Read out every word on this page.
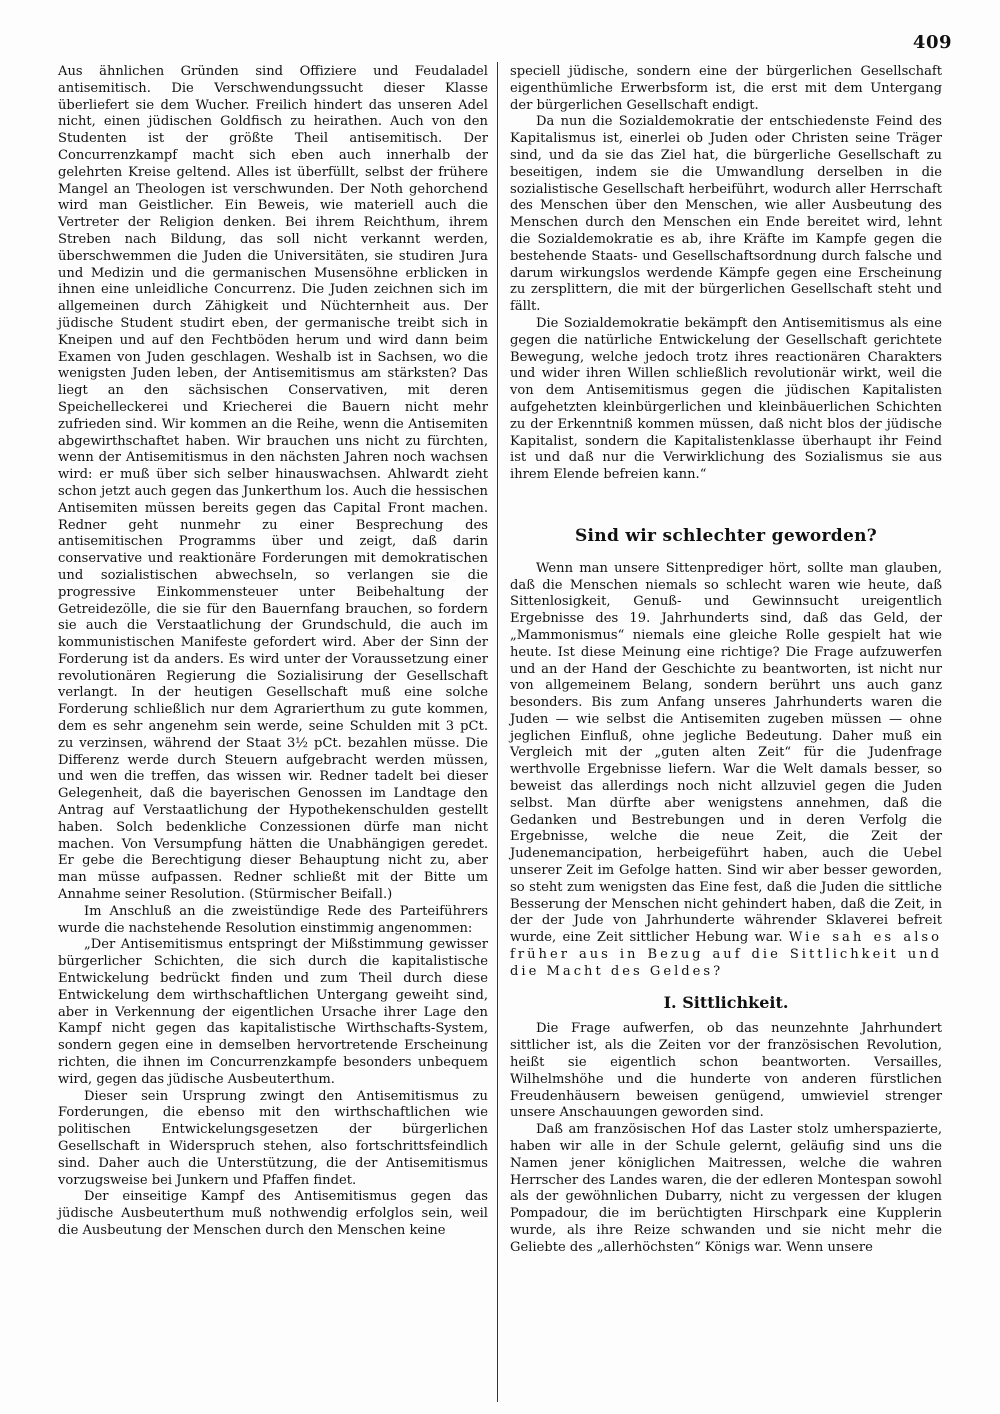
409

Aus ähnlichen Gründen sind Offiziere und Feudaladel antisemitisch. Die Verschwendungssucht dieser Klasse überliefert sie dem Wucher. Freilich hindert das unseren Adel nicht, einen jüdischen Goldfisch zu heirathen. Auch von den Studenten ist der größte Theil antisemitisch. Der Concurrenzkampf macht sich eben auch innerhalb der gelehrten Kreise geltend. Alles ist überfüllt, selbst der frühere Mangel an Theologen ist verschwunden. Der Noth gehorchend wird man Geistlicher. Ein Beweis, wie materiell auch die Vertreter der Religion denken. Bei ihrem Reichthum, ihrem Streben nach Bildung, das soll nicht verkannt werden, überschwemmen die Juden die Universitäten, sie studiren Jura und Medizin und die germanischen Musensöhne erblicken in ihnen eine unleidliche Concurrenz. Die Juden zeichnen sich im allgemeinen durch Zähigkeit und Nüchternheit aus. Der jüdische Student studirt eben, der germanische treibt sich in Kneipen und auf den Fechtböden herum und wird dann beim Examen von Juden geschlagen. Weshalb ist in Sachsen, wo die wenigsten Juden leben, der Antisemitismus am stärksten? Das liegt an den sächsischen Conservativen, mit deren Speichelleckerei und Kriecherei die Bauern nicht mehr zufrieden sind. Wir kommen an die Reihe, wenn die Antisemiten abgewirthschaftet haben. Wir brauchen uns nicht zu fürchten, wenn der Antisemitismus in den nächsten Jahren noch wachsen wird: er muß über sich selber hinauswachsen. Ahlwardt zieht schon jetzt auch gegen das Junkerthum los. Auch die hessischen Antisemiten müssen bereits gegen das Capital Front machen. Redner geht nunmehr zu einer Besprechung des antisemitischen Programms über und zeigt, daß darin conservative und reaktionäre Forderungen mit demokratischen und sozialistischen abwechseln, so verlangen sie die progressive Einkommensteuer unter Beibehaltung der Getreidezölle, die sie für den Bauernfang brauchen, so fordern sie auch die Verstaatlichung der Grundschuld, die auch im kommunistischen Manifeste gefordert wird. Aber der Sinn der Forderung ist da anders. Es wird unter der Voraussetzung einer revolutionären Regierung die Sozialisirung der Gesellschaft verlangt. In der heutigen Gesellschaft muß eine solche Forderung schließlich nur dem Agrarierthum zu gute kommen, dem es sehr angenehm sein werde, seine Schulden mit 3 pCt. zu verzinsen, während der Staat 3½ pCt. bezahlen müsse. Die Differenz werde durch Steuern aufgebracht werden müssen, und wen die treffen, das wissen wir. Redner tadelt bei dieser Gelegenheit, daß die bayerischen Genossen im Landtage den Antrag auf Verstaatlichung der Hypothekenschulden gestellt haben. Solch bedenkliche Conzessionen dürfe man nicht machen. Von Versumpfung hätten die Unabhängigen geredet. Er gebe die Berechtigung dieser Behauptung nicht zu, aber man müsse aufpassen. Redner schließt mit der Bitte um Annahme seiner Resolution. (Stürmischer Beifall.)

Im Anschluß an die zweistündige Rede des Parteiführers wurde die nachstehende Resolution einstimmig angenommen:

„Der Antisemitismus entspringt der Mißstimmung gewisser bürgerlicher Schichten, die sich durch die kapitalistische Entwickelung bedrückt finden und zum Theil durch diese Entwickelung dem wirthschaftlichen Untergang geweiht sind, aber in Verkennung der eigentlichen Ursache ihrer Lage den Kampf nicht gegen das kapitalistische Wirthschafts-System, sondern gegen eine in demselben hervortretende Erscheinung richten, die ihnen im Concurrenzkampfe besonders unbequem wird, gegen das jüdische Ausbeuterthum.

Dieser sein Ursprung zwingt den Antisemitismus zu Forderungen, die ebenso mit den wirthschaftlichen wie politischen Entwickelungsgesetzen der bürgerlichen Gesellschaft in Widerspruch stehen, also fortschrittsfeindlich sind. Daher auch die Unterstützung, die der Antisemitismus vorzugsweise bei Junkern und Pfaffen findet.

Der einseitige Kampf des Antisemitismus gegen das jüdische Ausbeuterthum muß nothwendig erfolglos sein, weil die Ausbeutung der Menschen durch den Menschen keine

speciell jüdische, sondern eine der bürgerlichen Gesellschaft eigenthümliche Erwerbsform ist, die erst mit dem Untergang der bürgerlichen Gesellschaft endigt.

Da nun die Sozialdemokratie der entschiedenste Feind des Kapitalismus ist, einerlei ob Juden oder Christen seine Träger sind, und da sie das Ziel hat, die bürgerliche Gesellschaft zu beseitigen, indem sie die Umwandlung derselben in die sozialistische Gesellschaft herbeiführt, wodurch aller Herrschaft des Menschen über den Menschen, wie aller Ausbeutung des Menschen durch den Menschen ein Ende bereitet wird, lehnt die Sozialdemokratie es ab, ihre Kräfte im Kampfe gegen die bestehende Staats- und Gesellschaftsordnung durch falsche und darum wirkungslos werdende Kämpfe gegen eine Erscheinung zu zersplittern, die mit der bürgerlichen Gesellschaft steht und fällt.

Die Sozialdemokratie bekämpft den Antisemitismus als eine gegen die natürliche Entwickelung der Gesellschaft gerichtete Bewegung, welche jedoch trotz ihres reactionären Charakters und wider ihren Willen schließlich revolutionär wirkt, weil die von dem Antisemitismus gegen die jüdischen Kapitalisten aufgehetzten kleinbürgerlichen und kleinbäuerlichen Schichten zu der Erkenntniß kommen müssen, daß nicht blos der jüdische Kapitalist, sondern die Kapitalistenklasse überhaupt ihr Feind ist und daß nur die Verwirklichung des Sozialismus sie aus ihrem Elende befreien kann.“

Sind wir schlechter geworden?

Wenn man unsere Sittenprediger hört, sollte man glauben, daß die Menschen niemals so schlecht waren wie heute, daß Sittenlosigkeit, Genuß- und Gewinnsucht ureigentlich Ergebnisse des 19. Jahrhunderts sind, daß das Geld, der „Mammonismus“ niemals eine gleiche Rolle gespielt hat wie heute. Ist diese Meinung eine richtige? Die Frage aufzuwerfen und an der Hand der Geschichte zu beantworten, ist nicht nur von allgemeinem Belang, sondern berührt uns auch ganz besonders. Bis zum Anfang unseres Jahrhunderts waren die Juden — wie selbst die Antisemiten zugeben müssen — ohne jeglichen Einfluß, ohne jegliche Bedeutung. Daher muß ein Vergleich mit der „guten alten Zeit“ für die Judenfrage werthvolle Ergebnisse liefern. War die Welt damals besser, so beweist das allerdings noch nicht allzuviel gegen die Juden selbst. Man dürfte aber wenigstens annehmen, daß die Gedanken und Bestrebungen und in deren Verfolg die Ergebnisse, welche die neue Zeit, die Zeit der Judenemancipation, herbeigeführt haben, auch die Uebel unserer Zeit im Gefolge hatten. Sind wir aber besser geworden, so steht zum wenigsten das Eine fest, daß die Juden die sittliche Besserung der Menschen nicht gehindert haben, daß die Zeit, in der der Jude von Jahrhunderte währender Sklaverei befreit wurde, eine Zeit sittlicher Hebung war. Wie sah es also früher aus in Bezug auf die Sittlichkeit und die Macht des Geldes?

I. Sittlichkeit.

Die Frage aufwerfen, ob das neunzehnte Jahrhundert sittlicher ist, als die Zeiten vor der französischen Revolution, heißt sie eigentlich schon beantworten. Versailles, Wilhelmshöhe und die hunderte von anderen fürstlichen Freudenhäusern beweisen genügend, umwieviel strenger unsere Anschauungen geworden sind.

Daß am französischen Hof das Laster stolz umherspazierte, haben wir alle in der Schule gelernt, geläufig sind uns die Namen jener königlichen Maitressen, welche die wahren Herrscher des Landes waren, die der edleren Montespan sowohl als der gewöhnlichen Dubarry, nicht zu vergessen der klugen Pompadour, die im berüchtigten Hirschpark eine Kupplerin wurde, als ihre Reize schwanden und sie nicht mehr die Geliebte des „allerhöchsten“ Königs war. Wenn unsere
